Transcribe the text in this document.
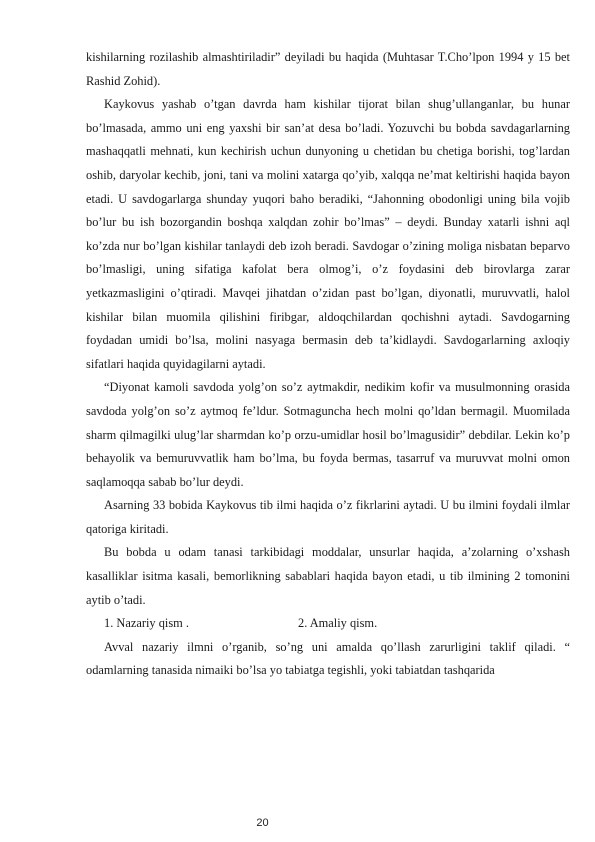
kishilarning rozilashib almashtiriladir” deyiladi bu haqida (Muhtasar T.Cho’lpon 1994 y 15 bet Rashid Zohid).

Kaykovus yashab o’tgan davrda ham kishilar tijorat bilan shug’ullanganlar, bu hunar bo’lmasada, ammo uni eng yaxshi bir san’at desa bo’ladi. Yozuvchi bu bobda savdagarlarning mashaqqatli mehnati, kun kechirish uchun dunyoning u chetidan bu chetiga borishi, tog’lardan oshib, daryolar kechib, joni, tani va molini xatarga qo’yib, xalqqa ne’mat keltirishi haqida bayon etadi. U savdogarlarga shunday yuqori baho beradiki, “Jahonning obodonligi uning bila vojib bo’lur bu ish bozorgandin boshqa xalqdan zohir bo’lmas” – deydi. Bunday xatarli ishni aql ko’zda nur bo’lgan kishilar tanlaydi deb izoh beradi. Savdogar o’zining moliga nisbatan beparvo bo’lmasligi, uning sifatiga kafolat bera olmog’i, o’z foydasini deb birovlarga zarar yetkazmasligini o’qtiradi. Mavqei jihatdan o’zidan past bo’lgan, diyonatli, muruvvatli, halol kishilar bilan muomila qilishini firibgar, aldoqchilardan qochishni aytadi. Savdogarning foydadan umidi bo’lsa, molini nasyaga bermasin deb ta’kidlaydi. Savdogarlarning axloqiy sifatlari haqida quyidagilarni aytadi.

“Diyonat kamoli savdoda yolg’on so’z aytmakdir, nedikim kofir va musulmonning orasida savdoda yolg’on so’z aytmoq fe’ldur. Sotmaguncha hech molni qo’ldan bermagil. Muomilada sharm qilmagilki ulug’lar sharmdan ko’p orzu-umidlar hosil bo’lmagusidir” debdilar. Lekin ko’p behayolik va bemuruvvatlik ham bo’lma, bu foyda bermas, tasarruf va muruvvat molni omon saqlamoqqa sabab bo’lur deydi.

Asarning 33 bobida Kaykovus tib ilmi haqida o’z fikrlarini aytadi. U bu ilmini foydali ilmlar qatoriga kiritadi.

Bu bobda u odam tanasi tarkibidagi moddalar, unsurlar haqida, a’zolarning o’xshash kasalliklar isitma kasali, bemorlikning sabablari haqida bayon etadi, u tib ilmining 2 tomonini aytib o’tadi.

1. Nazariy qism .	2. Amaliy qism.

Avval nazariy ilmni o’rganib, so’ng uni amalda qo’llash zarurligini taklif qiladi. “ odamlarning tanasida nimaiki bo’lsa yo tabiatga tegishli, yoki tabiatdan tashqarida

20
